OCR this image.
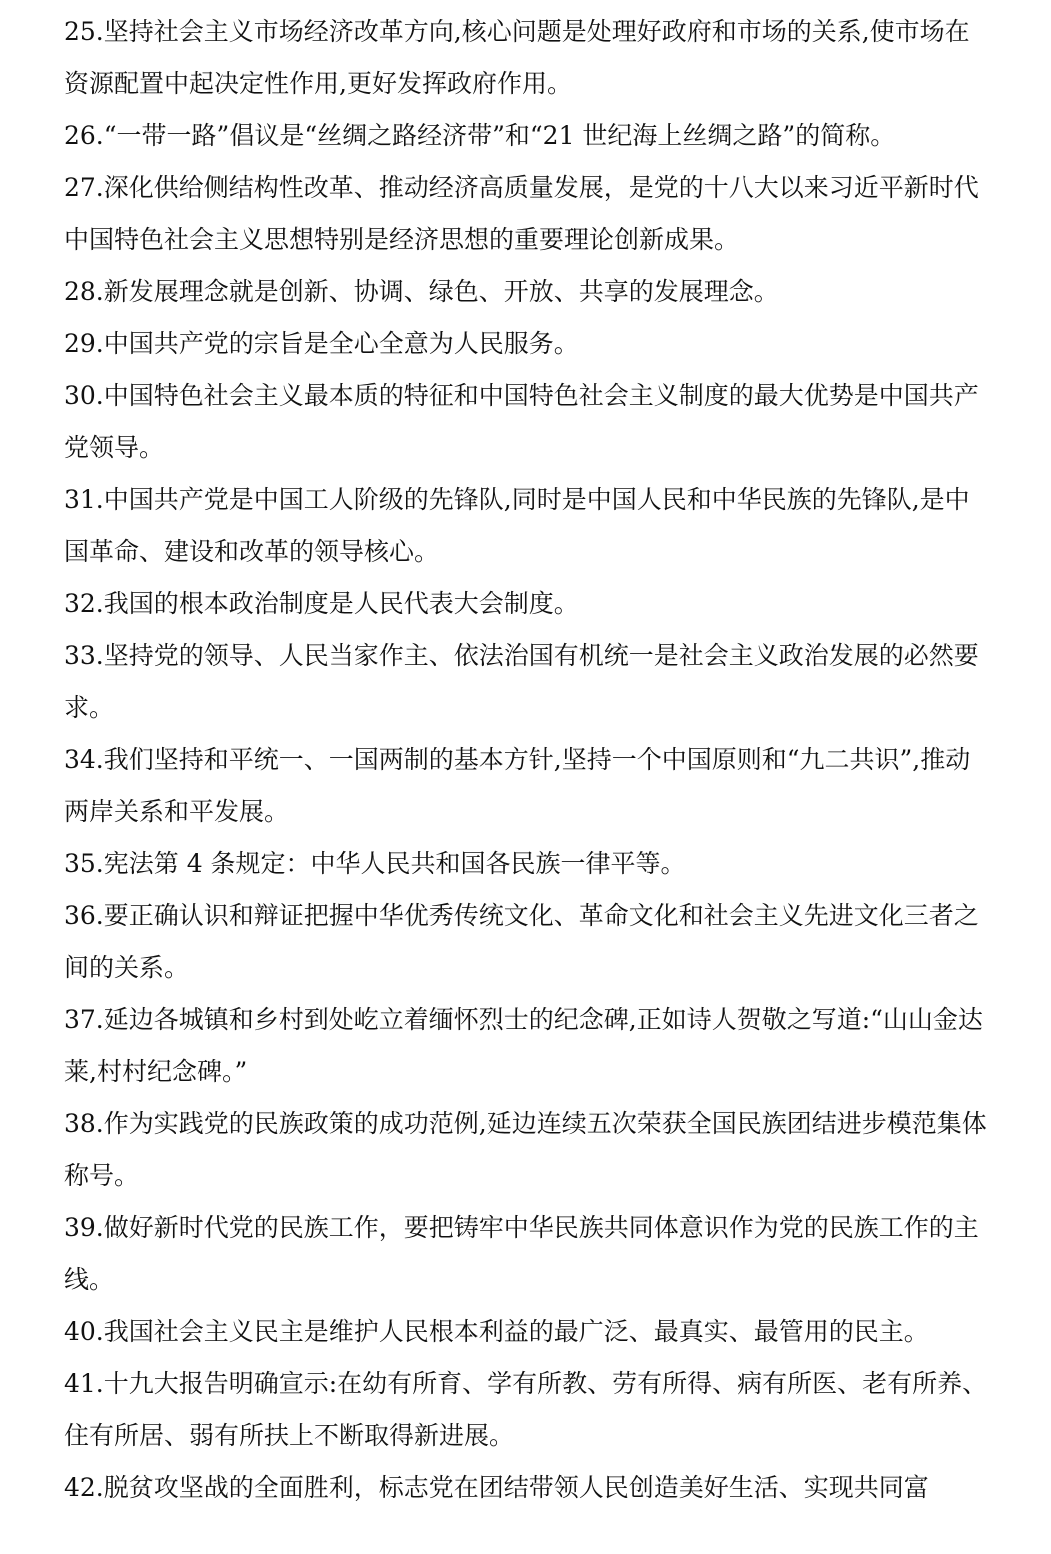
25.坚持社会主义市场经济改革方向,核心问题是处理好政府和市场的关系,使市场在资源配置中起决定性作用,更好发挥政府作用。

26.“一带一路”倡议是“丝绸之路经济带”和“21 世纪海上丝绸之路”的简称。

27.深化供给侧结构性改革、推动经济高质量发展，是党的十八大以来习近平新时代中国特色社会主义思想特别是经济思想的重要理论创新成果。

28.新发展理念就是创新、协调、绿色、开放、共享的发展理念。

29.中国共产党的宗旨是全心全意为人民服务。

30.中国特色社会主义最本质的特征和中国特色社会主义制度的最大优势是中国共产党领导。

31.中国共产党是中国工人阶级的先锋队,同时是中国人民和中华民族的先锋队,是中国革命、建设和改革的领导核心。

32.我国的根本政治制度是人民代表大会制度。

33.坚持党的领导、人民当家作主、依法治国有机统一是社会主义政治发展的必然要求。

34.我们坚持和平统一、一国两制的基本方针,坚持一个中国原则和“九二共识”,推动两岸关系和平发展。

35.宪法第 4 条规定：中华人民共和国各民族一律平等。

36.要正确认识和辩证把握中华优秀传统文化、革命文化和社会主义先进文化三者之间的关系。

37.延边各城镇和乡村到处屹立着缅怀烈士的纪念碑,正如诗人贺敬之写道:“山山金达莱,村村纪念碑。”

38.作为实践党的民族政策的成功范例,延边连续五次荣获全国民族团结进步模范集体称号。

39.做好新时代党的民族工作，要把铸牢中华民族共同体意识作为党的民族工作的主线。

40.我国社会主义民主是维护人民根本利益的最广泛、最真实、最管用的民主。

41.十九大报告明确宣示:在幼有所育、学有所教、劳有所得、病有所医、老有所养、住有所居、弱有所扶上不断取得新进展。

42.脱贫攻坚战的全面胜利，标志党在团结带领人民创造美好生活、实现共同富
